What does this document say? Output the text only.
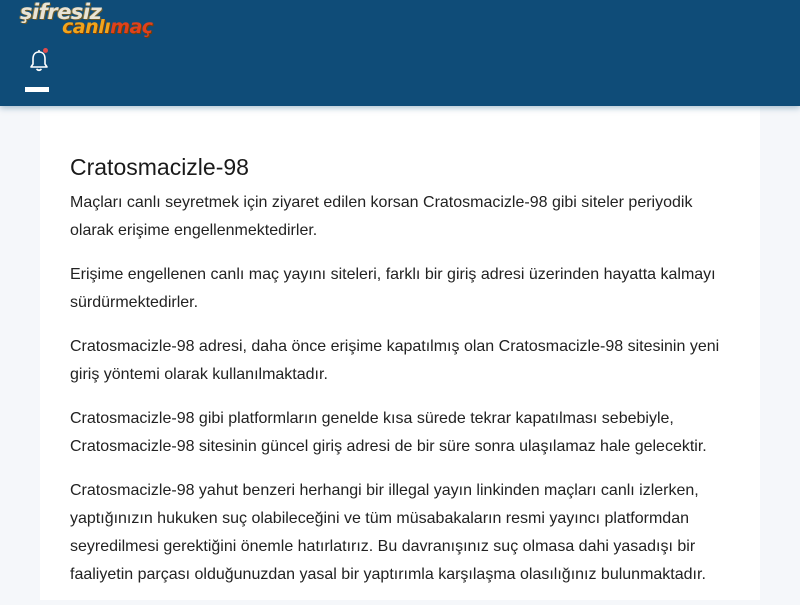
şifresiz
canlımaç
Cratosmacizle-98

Maçları canlı seyretmek için ziyaret edilen korsan Cratosmacizle-98 gibi siteler periyodik olarak erişime engellenmektedirler.

Erişime engellenen canlı maç yayını siteleri, farklı bir giriş adresi üzerinden hayatta kalmayı sürdürmektedirler.

Cratosmacizle-98 adresi, daha önce erişime kapatılmış olan Cratosmacizle-98 sitesinin yeni giriş yöntemi olarak kullanılmaktadır.

Cratosmacizle-98 gibi platformların genelde kısa sürede tekrar kapatılması sebebiyle, Cratosmacizle-98 sitesinin güncel giriş adresi de bir süre sonra ulaşılamaz hale gelecektir.

Cratosmacizle-98 yahut benzeri herhangi bir illegal yayın linkinden maçları canlı izlerken, yaptığınızın hukuken suç olabileceğini ve tüm müsabakaların resmi yayıncı platformdan seyredilmesi gerektiğini önemle hatırlatırız. Bu davranışınız suç olmasa dahi yasadışı bir faaliyetin parçası olduğunuzdan yasal bir yaptırımla karşılaşma olasılığınız bulunmaktadır.
